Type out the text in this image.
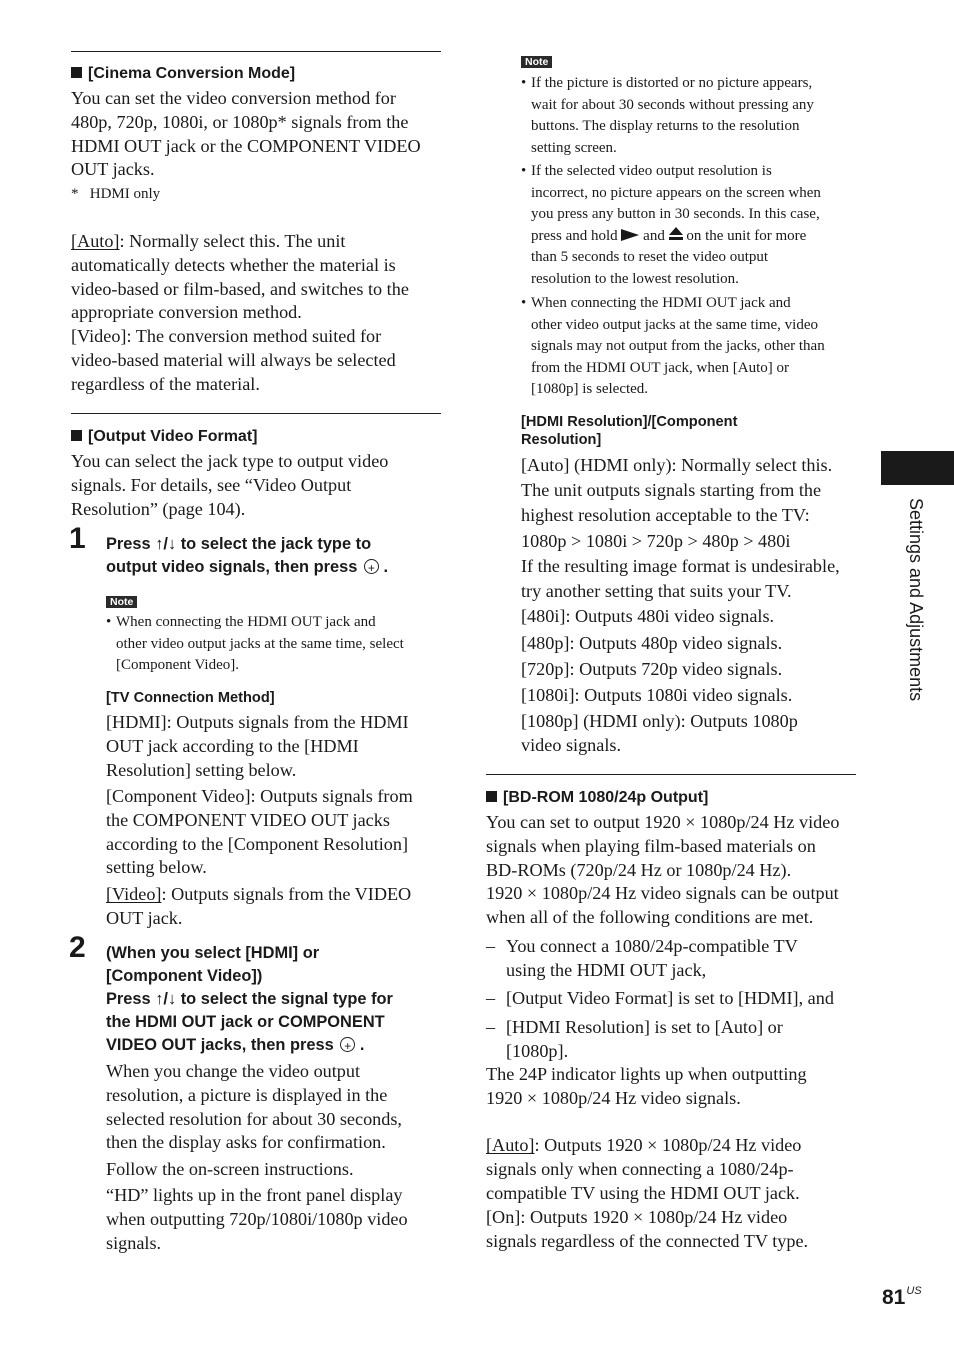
[Cinema Conversion Mode]
You can set the video conversion method for
480p, 720p, 1080i, or 1080p* signals from the
HDMI OUT jack or the COMPONENT VIDEO
OUT jacks.
*   HDMI only
[Auto]: Normally select this. The unit
automatically detects whether the material is
video-based or film-based, and switches to the
appropriate conversion method.
[Video]: The conversion method suited for
video-based material will always be selected
regardless of the material.
[Output Video Format]
You can select the jack type to output video
signals. For details, see “Video Output
Resolution” (page 104).
1 Press ↑/↓ to select the jack type to
output video signals, then press + .
Note
• When connecting the HDMI OUT jack and
other video output jacks at the same time, select
[Component Video].
[TV Connection Method]
[HDMI]: Outputs signals from the HDMI
OUT jack according to the [HDMI
Resolution] setting below.
[Component Video]: Outputs signals from
the COMPONENT VIDEO OUT jacks
according to the [Component Resolution]
setting below.
[Video]: Outputs signals from the VIDEO
OUT jack.
2 (When you select [HDMI] or
[Component Video])
Press ↑/↓ to select the signal type for
the HDMI OUT jack or COMPONENT
VIDEO OUT jacks, then press + .
When you change the video output
resolution, a picture is displayed in the
selected resolution for about 30 seconds,
then the display asks for confirmation.
Follow the on-screen instructions.
“HD” lights up in the front panel display
when outputting 720p/1080i/1080p video
signals.
Note
• If the picture is distorted or no picture appears,
wait for about 30 seconds without pressing any
buttons. The display returns to the resolution
setting screen.
• If the selected video output resolution is
incorrect, no picture appears on the screen when
you press any button in 30 seconds. In this case,
press and hold and on the unit for more
than 5 seconds to reset the video output
resolution to the lowest resolution.
• When connecting the HDMI OUT jack and
other video output jacks at the same time, video
signals may not output from the jacks, other than
from the HDMI OUT jack, when [Auto] or
[1080p] is selected.
[HDMI Resolution]/[Component
Resolution]
[Auto] (HDMI only): Normally select this.
The unit outputs signals starting from the
highest resolution acceptable to the TV:
1080p > 1080i > 720p > 480p > 480i
If the resulting image format is undesirable,
try another setting that suits your TV.
[480i]: Outputs 480i video signals.
[480p]: Outputs 480p video signals.
[720p]: Outputs 720p video signals.
[1080i]: Outputs 1080i video signals.
[1080p] (HDMI only): Outputs 1080p
video signals.
[BD-ROM 1080/24p Output]
You can set to output 1920 × 1080p/24 Hz video
signals when playing film-based materials on
BD-ROMs (720p/24 Hz or 1080p/24 Hz).
1920 × 1080p/24 Hz video signals can be output
when all of the following conditions are met.
– You connect a 1080/24p-compatible TV
using the HDMI OUT jack,
– [Output Video Format] is set to [HDMI], and
– [HDMI Resolution] is set to [Auto] or
[1080p].
The 24P indicator lights up when outputting
1920 × 1080p/24 Hz video signals.
[Auto]: Outputs 1920 × 1080p/24 Hz video
signals only when connecting a 1080/24p-
compatible TV using the HDMI OUT jack.
[On]: Outputs 1920 × 1080p/24 Hz video
signals regardless of the connected TV type.
Settings and Adjustments
$81^{US}$
